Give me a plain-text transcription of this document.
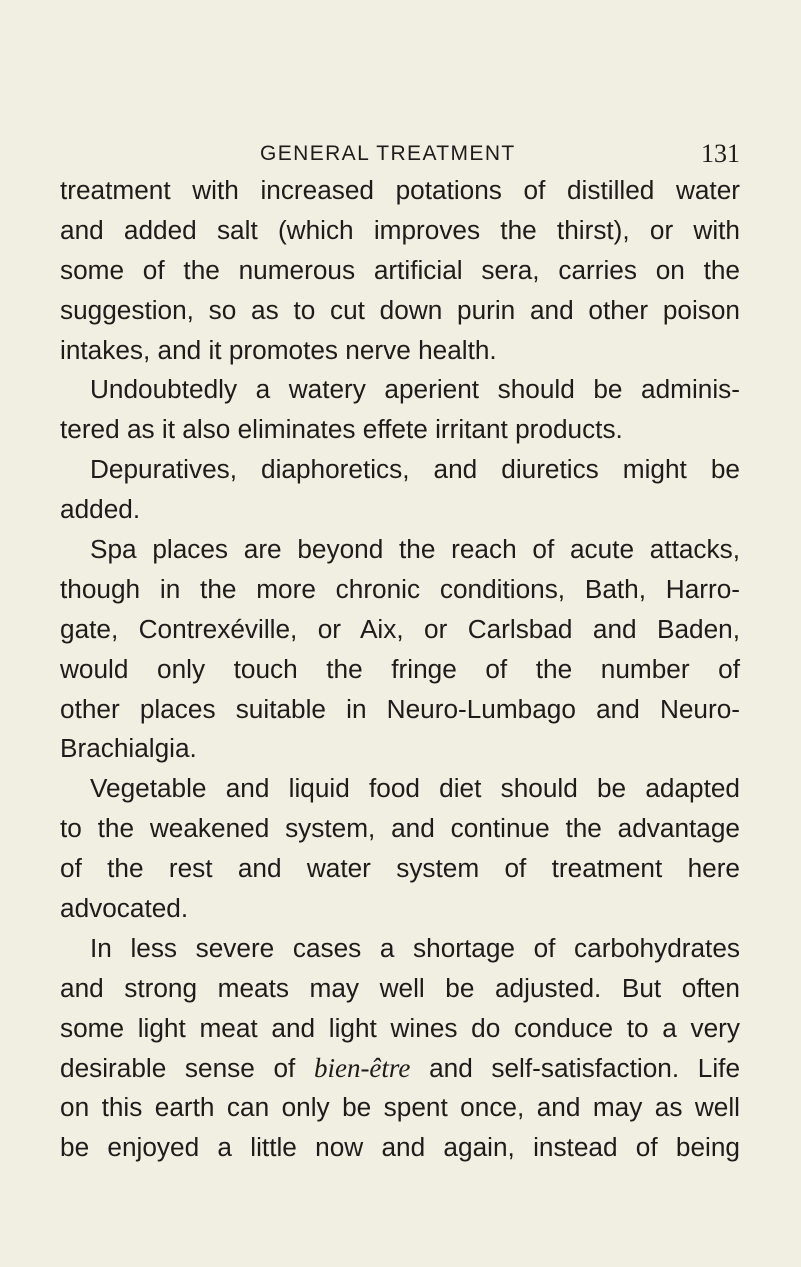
GENERAL TREATMENT	131
treatment with increased potations of distilled water
and added salt (which improves the thirst), or with
some of the numerous artificial sera, carries on the
suggestion, so as to cut down purin and other poison
intakes, and it promotes nerve health.
Undoubtedly a watery aperient should be adminis-
tered as it also eliminates effete irritant products.
Depuratives, diaphoretics, and diuretics might be
added.
Spa places are beyond the reach of acute attacks,
though in the more chronic conditions, Bath, Harro-
gate, Contrexéville, or Aix, or Carlsbad and Baden,
would only touch the fringe of the number of
other places suitable in Neuro-Lumbago and Neuro-
Brachialgia.
Vegetable and liquid food diet should be adapted
to the weakened system, and continue the advantage
of the rest and water system of treatment here
advocated.
In less severe cases a shortage of carbohydrates
and strong meats may well be adjusted. But often
some light meat and light wines do conduce to a very
desirable sense of bien-être and self-satisfaction. Life
on this earth can only be spent once, and may as well
be enjoyed a little now and again, instead of being
